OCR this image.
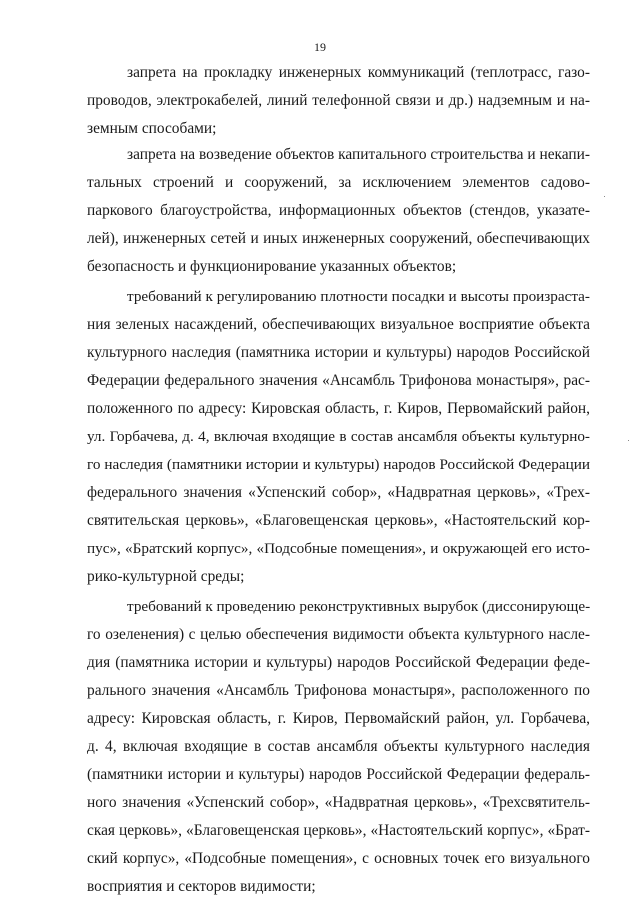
19
запрета на прокладку инженерных коммуникаций (теплотрасс, газо-
проводов, электрокабелей, линий телефонной связи и др.) надземным и на-
земным способами;
запрета на возведение объектов капитального строительства и некапи-
тальных строений и сооружений, за исключением элементов садово-
паркового благоустройства, информационных объектов (стендов, указате-
лей), инженерных сетей и иных инженерных сооружений, обеспечивающих
безопасность и функционирование указанных объектов;
требований к регулированию плотности посадки и высоты произраста-
ния зеленых насаждений, обеспечивающих визуальное восприятие объекта
культурного наследия (памятника истории и культуры) народов Российской
Федерации федерального значения «Ансамбль Трифонова монастыря», рас-
положенного по адресу: Кировская область, г. Киров, Первомайский район,
ул. Горбачева, д. 4, включая входящие в состав ансамбля объекты культурно-
го наследия (памятники истории и культуры) народов Российской Федерации
федерального значения «Успенский собор», «Надвратная церковь», «Трех-
святительская церковь», «Благовещенская церковь», «Настоятельский кор-
пус», «Братский корпус», «Подсобные помещения», и окружающей его исто-
рико-культурной среды;
требований к проведению реконструктивных вырубок (диссонирующе-
го озеленения) с целью обеспечения видимости объекта культурного насле-
дия (памятника истории и культуры) народов Российской Федерации феде-
рального значения «Ансамбль Трифонова монастыря», расположенного по
адресу: Кировская область, г. Киров, Первомайский район, ул. Горбачева,
д. 4, включая входящие в состав ансамбля объекты культурного наследия
(памятники истории и культуры) народов Российской Федерации федераль-
ного значения «Успенский собор», «Надвратная церковь», «Трехсвятитель-
ская церковь», «Благовещенская церковь», «Настоятельский корпус», «Брат-
ский корпус», «Подсобные помещения», с основных точек его визуального
восприятия и секторов видимости;
